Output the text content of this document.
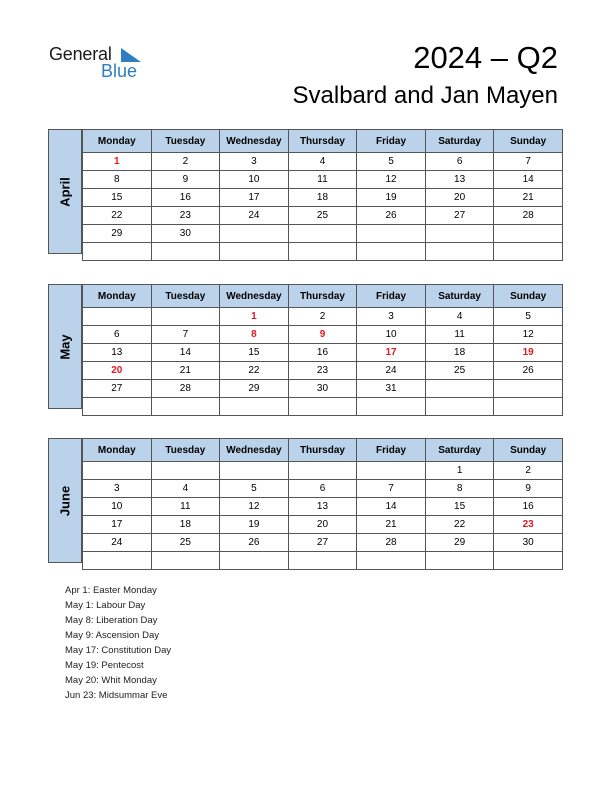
General
Blue	2024 – Q2
Svalbard and Jan Mayen
April
Monday	Tuesday	Wednesday	Thursday	Friday	Saturday	Sunday
1	2	3	4	5	6	7
8	9	10	11	12	13	14
15	16	17	18	19	20	21
22	23	24	25	26	27	28
29	30					

May
Monday	Tuesday	Wednesday	Thursday	Friday	Saturday	Sunday
		1	2	3	4	5
6	7	8	9	10	11	12
13	14	15	16	17	18	19
20	21	22	23	24	25	26
27	28	29	30	31		

June
Monday	Tuesday	Wednesday	Thursday	Friday	Saturday	Sunday
					1	2
3	4	5	6	7	8	9
10	11	12	13	14	15	16
17	18	19	20	21	22	23
24	25	26	27	28	29	30

Apr 1: Easter Monday
May 1: Labour Day
May 8: Liberation Day
May 9: Ascension Day
May 17: Constitution Day
May 19: Pentecost
May 20: Whit Monday
Jun 23: Midsummar Eve
